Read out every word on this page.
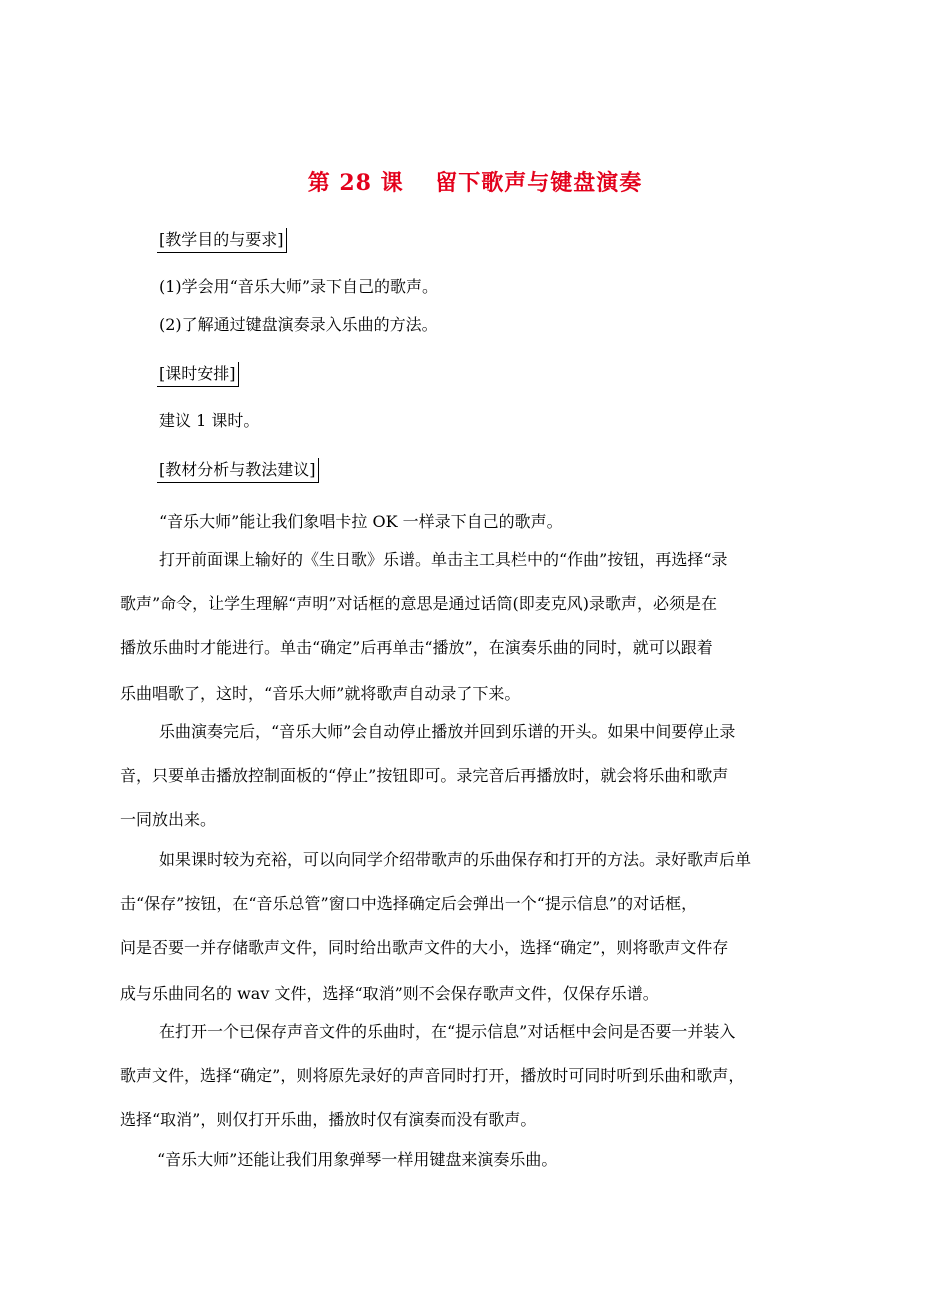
第 28 课　 留下歌声与键盘演奏
[教学目的与要求]
(1)学会用“音乐大师”录下自己的歌声。
(2)了解通过键盘演奏录入乐曲的方法。
[课时安排]
建议 1 课时。
[教材分析与教法建议]
“音乐大师”能让我们象唱卡拉 OK 一样录下自己的歌声。
打开前面课上输好的《生日歌》乐谱。单击主工具栏中的“作曲”按钮，再选择“录
歌声”命令，让学生理解“声明”对话框的意思是通过话筒(即麦克风)录歌声，必须是在
播放乐曲时才能进行。单击“确定”后再单击“播放”，在演奏乐曲的同时，就可以跟着
乐曲唱歌了，这时，“音乐大师”就将歌声自动录了下来。
乐曲演奏完后，“音乐大师”会自动停止播放并回到乐谱的开头。如果中间要停止录
音，只要单击播放控制面板的“停止”按钮即可。录完音后再播放时，就会将乐曲和歌声
一同放出来。
如果课时较为充裕，可以向同学介绍带歌声的乐曲保存和打开的方法。录好歌声后单
击“保存”按钮，在“音乐总管”窗口中选择确定后会弹出一个“提示信息”的对话框，
问是否要一并存储歌声文件，同时给出歌声文件的大小，选择“确定”，则将歌声文件存
成与乐曲同名的 wav 文件，选择“取消”则不会保存歌声文件，仅保存乐谱。
在打开一个已保存声音文件的乐曲时，在“提示信息”对话框中会问是否要一并装入
歌声文件，选择“确定”，则将原先录好的声音同时打开，播放时可同时听到乐曲和歌声，
选择“取消”，则仅打开乐曲，播放时仅有演奏而没有歌声。
“音乐大师”还能让我们用象弹琴一样用键盘来演奏乐曲。
